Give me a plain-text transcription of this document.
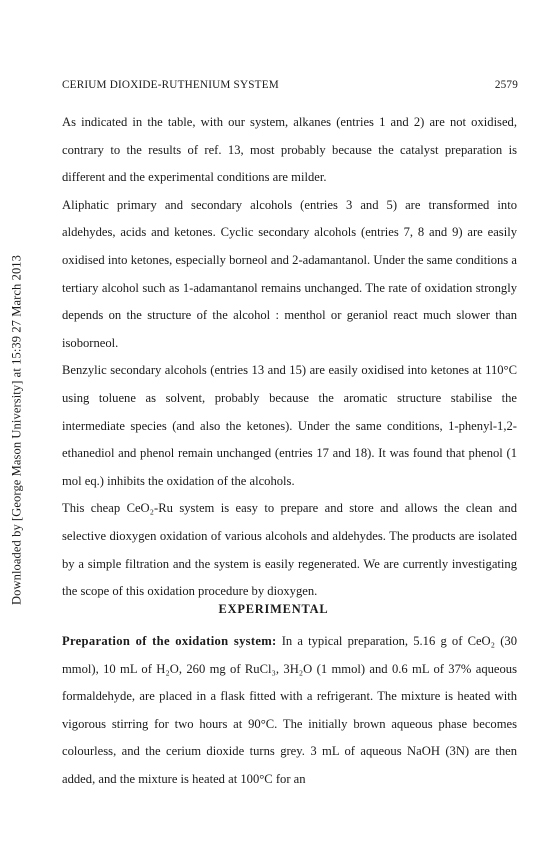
Downloaded by [George Mason University] at 15:39 27 March 2013
CERIUM DIOXIDE-RUTHENIUM SYSTEM	2579

As indicated in the table, with our system, alkanes (entries 1 and 2) are not oxidised, contrary to the results of ref. 13, most probably because the catalyst preparation is different and the experimental conditions are milder.

Aliphatic primary and secondary alcohols (entries 3 and 5) are transformed into aldehydes, acids and ketones. Cyclic secondary alcohols (entries 7, 8 and 9) are easily oxidised into ketones, especially borneol and 2-adamantanol. Under the same conditions a tertiary alcohol such as 1-adamantanol remains unchanged. The rate of oxidation strongly depends on the structure of the alcohol : menthol or geraniol react much slower than isoborneol.

Benzylic secondary alcohols (entries 13 and 15) are easily oxidised into ketones at 110°C using toluene as solvent, probably because the aromatic structure stabilise the intermediate species (and also the ketones). Under the same conditions, 1-phenyl-1,2-ethanediol and phenol remain unchanged (entries 17 and 18). It was found that phenol (1 mol eq.) inhibits the oxidation of the alcohols.

This cheap CeO₂-Ru system is easy to prepare and store and allows the clean and selective dioxygen oxidation of various alcohols and aldehydes. The products are isolated by a simple filtration and the system is easily regenerated. We are currently investigating the scope of this oxidation procedure by dioxygen.

EXPERIMENTAL

Preparation of the oxidation system: In a typical preparation, 5.16 g of CeO₂ (30 mmol), 10 mL of H₂O, 260 mg of RuCl₃, 3H₂O (1 mmol) and 0.6 mL of 37% aqueous formaldehyde, are placed in a flask fitted with a refrigerant. The mixture is heated with vigorous stirring for two hours at 90°C. The initially brown aqueous phase becomes colourless, and the cerium dioxide turns grey. 3 mL of aqueous NaOH (3N) are then added, and the mixture is heated at 100°C for an
